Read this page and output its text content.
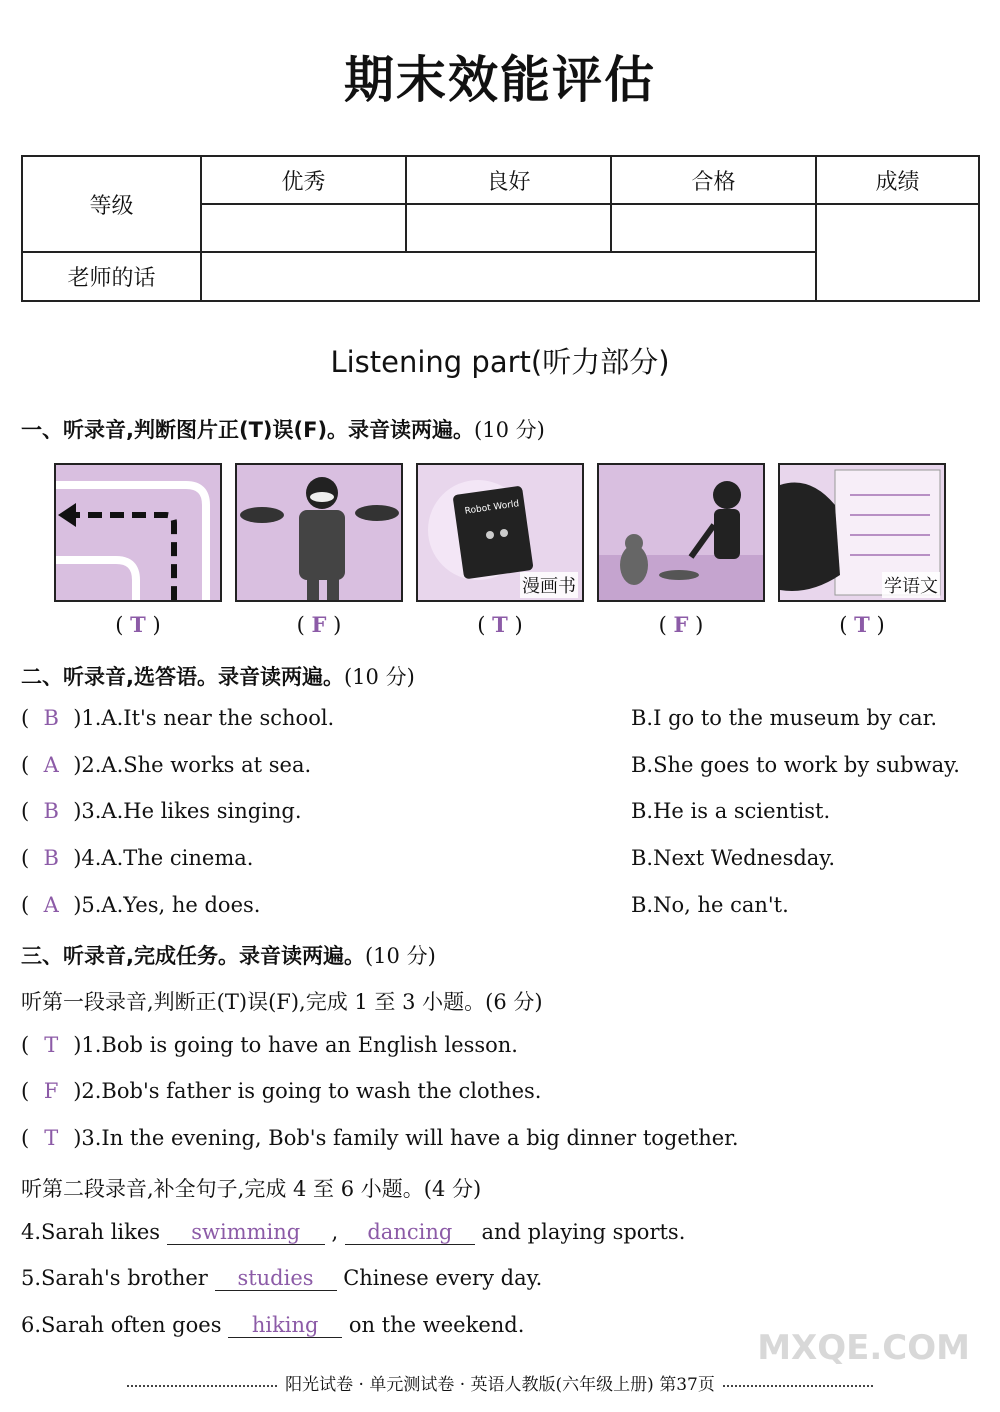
期末效能评估
等级	优秀	良好	合格	成绩

老师的话				
Listening part(听力部分)
一、听录音,判断图片正(T)误(F)。录音读两遍。(10 分)
Robot World
漫画书	学语文
( T )	( F )	( T )	( F )	( T )
二、听录音,选答语。录音读两遍。(10 分)
( B )1.A.It's near the school.	B.I go to the museum by car.
( A )2.A.She works at sea.	B.She goes to work by subway.
( B )3.A.He likes singing.	B.He is a scientist.
( B )4.A.The cinema.	B.Next Wednesday.
( A )5.A.Yes, he does.	B.No, he can't.
三、听录音,完成任务。录音读两遍。(10 分)
听第一段录音,判断正(T)误(F),完成 1 至 3 小题。(6 分)
( T )1.Bob is going to have an English lesson.
( F )2.Bob's father is going to wash the clothes.
( T )3.In the evening, Bob's family will have a big dinner together.
听第二段录音,补全句子,完成 4 至 6 小题。(4 分)
4.Sarah likes swimming , dancing and playing sports.
5.Sarah's brother studies Chinese every day.
6.Sarah often goes hiking on the weekend.
阳光试卷 · 单元测试卷 · 英语人教版(六年级上册) 第37页
MXQE.COM
